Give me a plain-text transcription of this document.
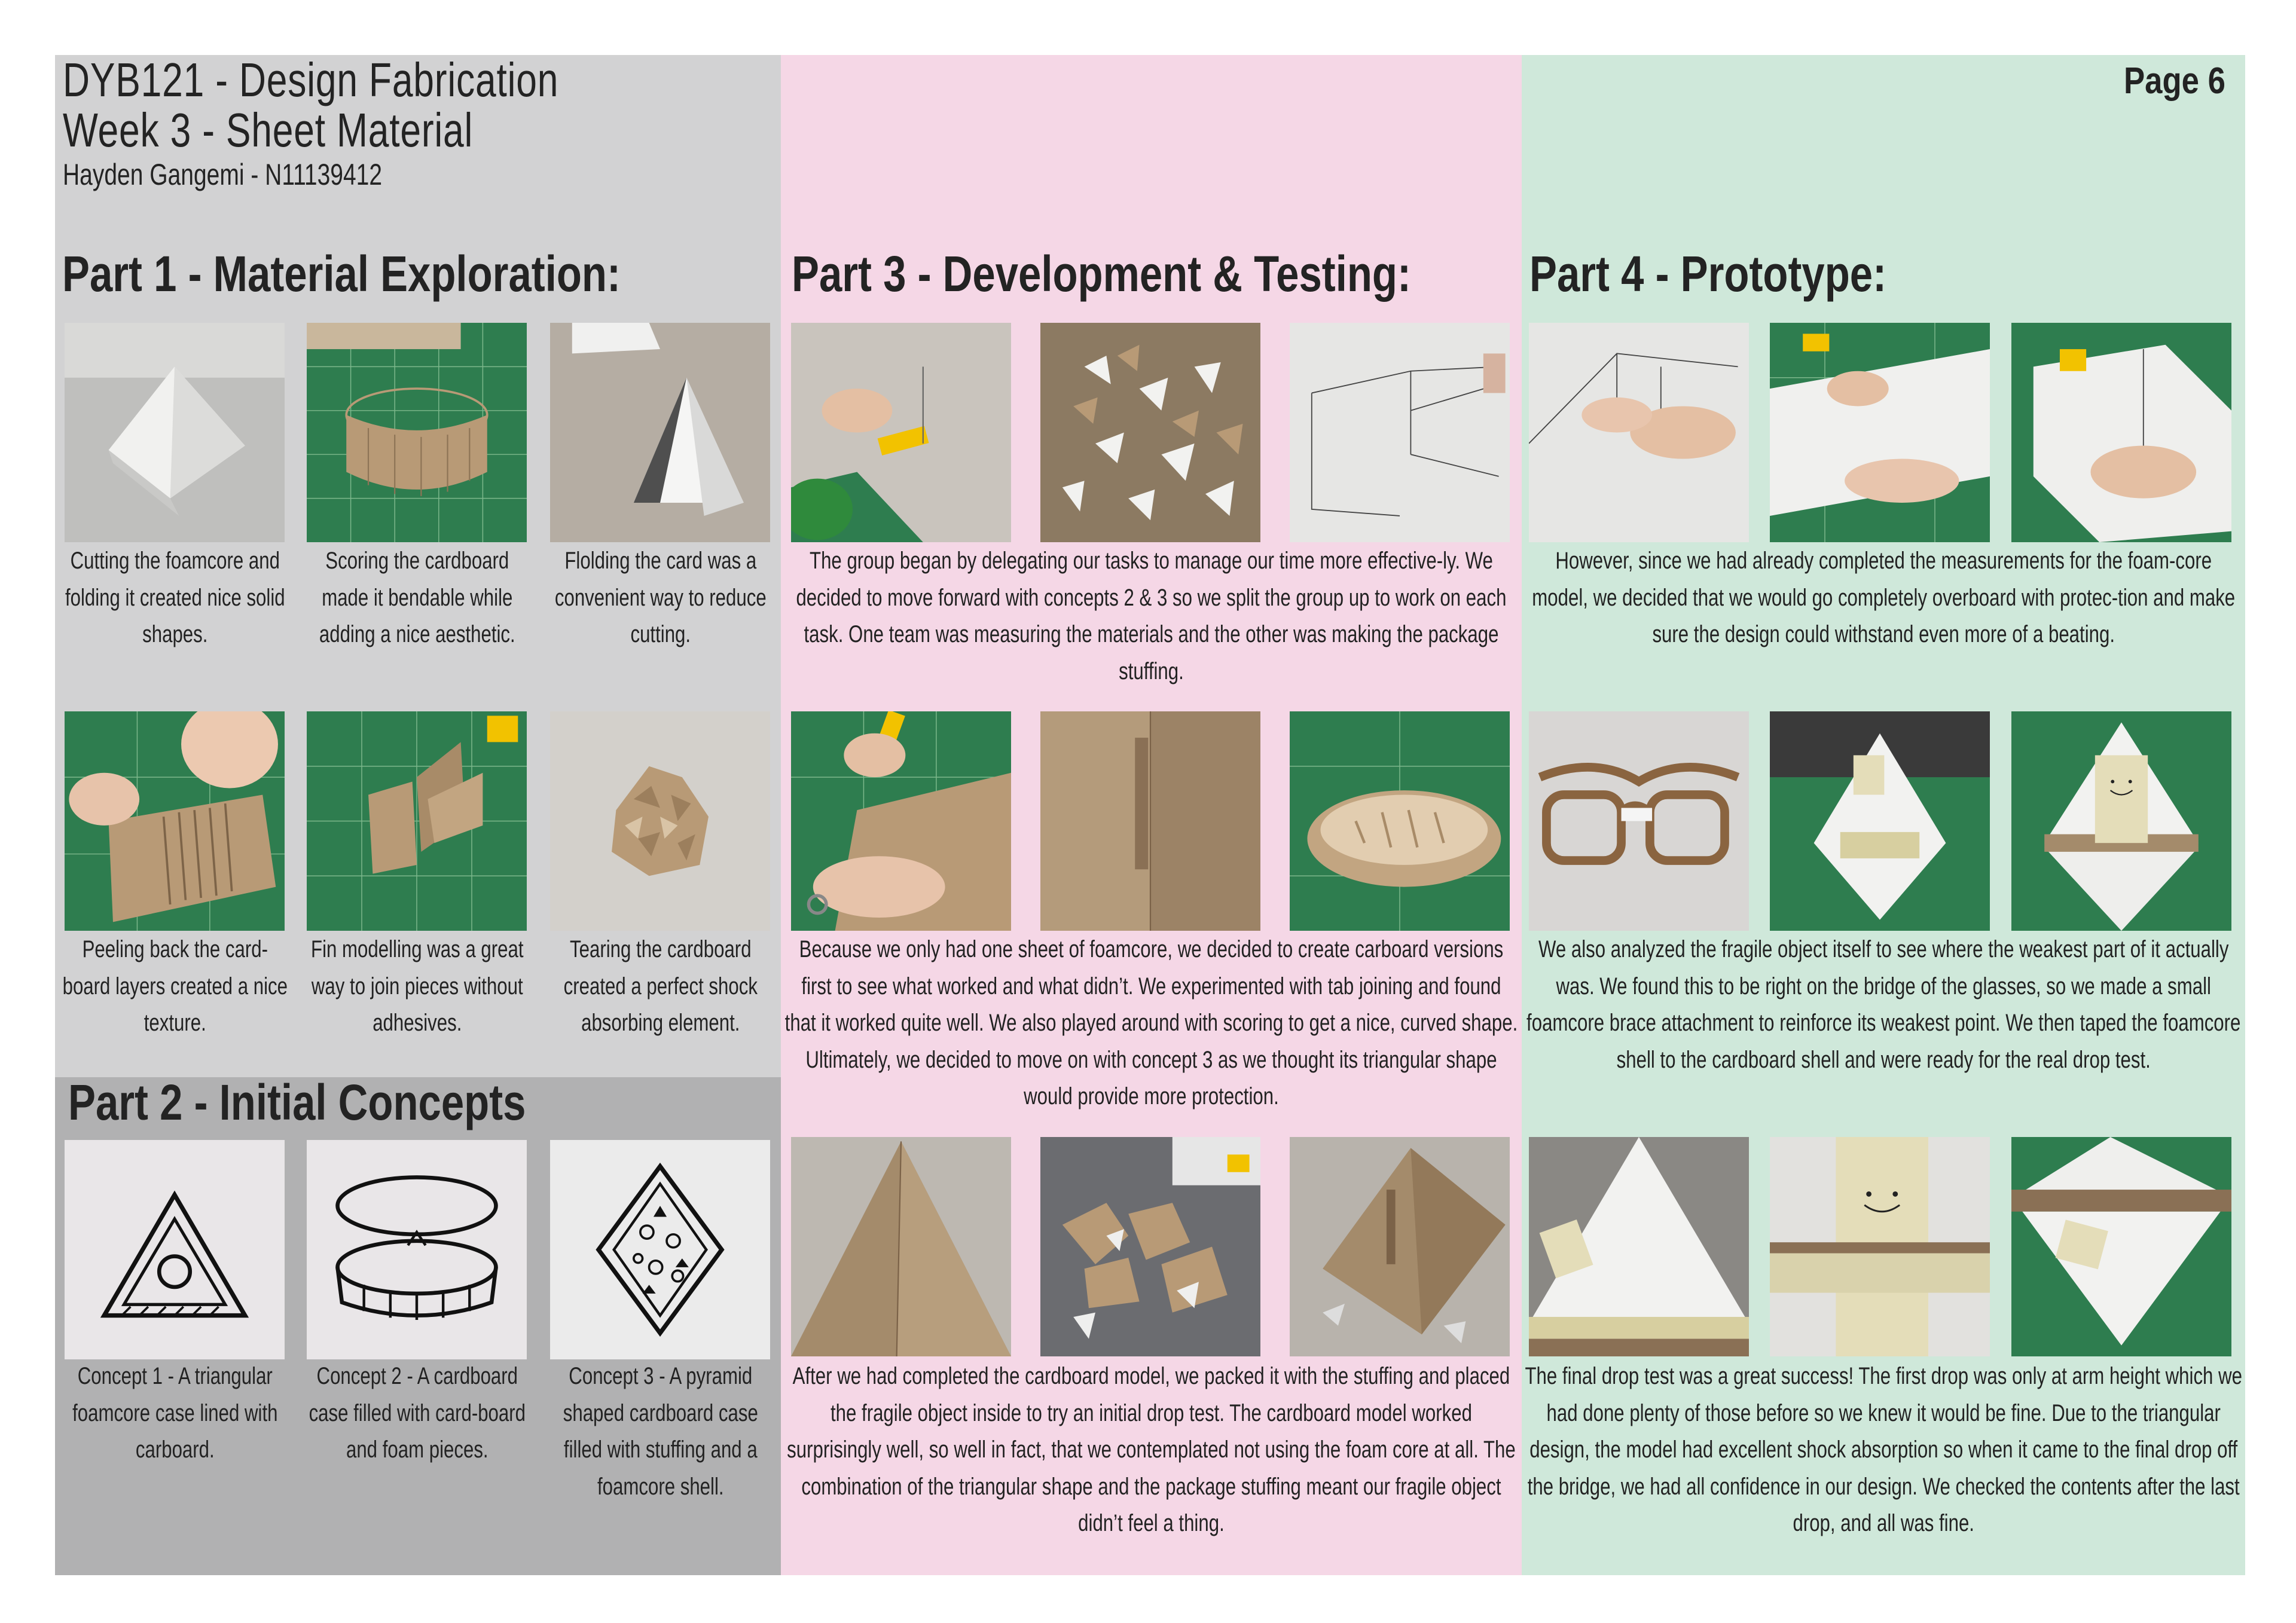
DYB121 - Design Fabrication
Week 3 - Sheet Material
Hayden Gangemi - N11139412
Page 6
Part 1 - Material Exploration:	Part 3 - Development & Testing: Part 4 - Prototype:
Part 2 - Initial Concepts
Cutting the foamcore and folding it created nice solid shapes.
Scoring the cardboard made it bendable while adding a nice aesthetic.
Flolding the card was a convenient way to reduce cutting.
Peeling back the card-board layers created a nice texture.
Fin modelling was a great way to join pieces without adhesives.
Tearing the cardboard created a perfect shock absorbing element.
Concept 1 - A triangular foamcore case lined with carboard.
Concept 2 - A cardboard case filled with card-board and foam pieces.
Concept 3 - A pyramid shaped cardboard case filled with stuffing and a foamcore shell.
The group began by delegating our tasks to manage our time more effective-ly. We decided to move forward with concepts 2 & 3 so we split the group up to work on each task. One team was measuring the materials and the other was making the package stuffing.
Because we only had one sheet of foamcore, we decided to create carboard versions first to see what worked and what didn’t. We experimented with tab joining and found that it worked quite well. We also played around with scoring to get a nice, curved shape. Ultimately, we decided to move on with concept 3 as we thought its triangular shape would provide more protection.
After we had completed the cardboard model, we packed it with the stuffing and placed the fragile object inside to try an initial drop test. The cardboard model worked surprisingly well, so well in fact, that we contemplated not using the foam core at all. The combination of the triangular shape and the package stuffing meant our fragile object didn’t feel a thing.
However, since we had already completed the measurements for the foam-core model, we decided that we would go completely overboard with protec-tion and make sure the design could withstand even more of a beating.
We also analyzed the fragile object itself to see where the weakest part of it actually was. We found this to be right on the bridge of the glasses, so we made a small foamcore brace attachment to reinforce its weakest point. We then taped the foamcore shell to the cardboard shell and were ready for the real drop test.
The final drop test was a great success! The first drop was only at arm height which we had done plenty of those before so we knew it would be fine. Due to the triangular design, the model had excellent shock absorption so when it came to the final drop off the bridge, we had all confidence in our design. We checked the contents after the last drop, and all was fine.
